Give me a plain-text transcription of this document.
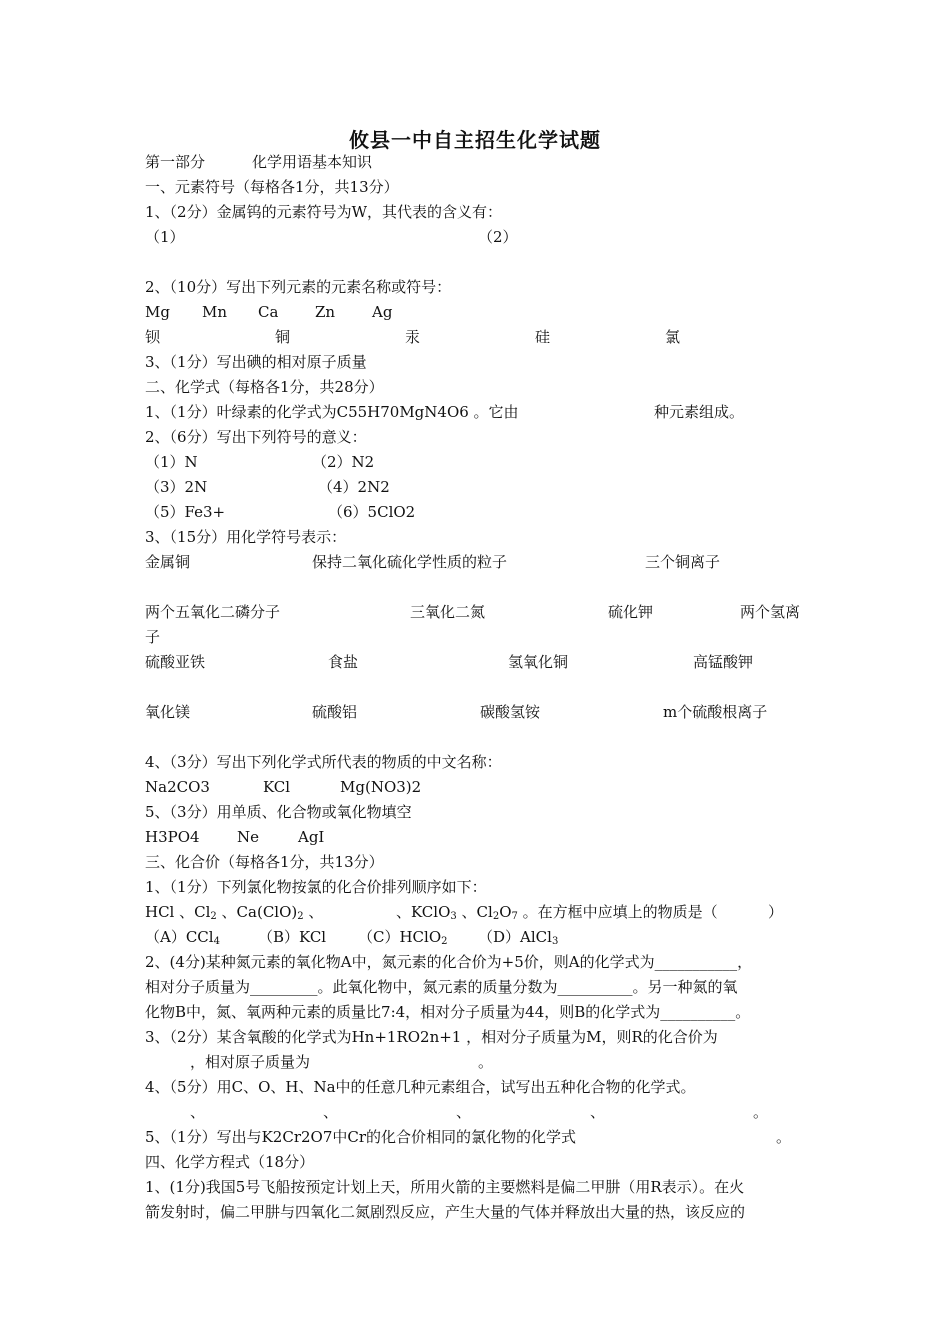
攸县一中自主招生化学试题
第一部分	化学用语基本知识
一、元素符号（每格各1分，共13分）
1、（2分）金属钨的元素符号为W，其代表的含义有：
（1）	（2）
2、（10分）写出下列元素的元素名称或符号：
Mg Mn Ca Zn Ag
钡	铜	汞	硅	氯
3、（1分）写出碘的相对原子质量
二、化学式（每格各1分，共28分）
1、（1分）叶绿素的化学式为C55H70MgN4O6 。它由	种元素组成。
2、（6分）写出下列符号的意义：
（1）N	（2）N2
（3）2N	（4）2N2
（5）Fe3+	（6）5ClO2
3、（15分）用化学符号表示：
金属铜	保持二氧化硫化学性质的粒子	三个铜离子
两个五氧化二磷分子	三氧化二氮	硫化钾	两个氢离
子
硫酸亚铁	食盐	氢氧化铜	高锰酸钾
氧化镁	硫酸铝	碳酸氢铵	m个硫酸根离子
4、（3分）写出下列化学式所代表的物质的中文名称：
Na2CO3	KCl	Mg(NO3)2
5、（3分）用单质、化合物或氧化物填空
H3PO4 Ne	AgI
三、化合价（每格各1分，共13分）
1、（1分）下列氯化物按氯的化合价排列顺序如下：
HCl 、$Cl_2$ 、$Ca(ClO)_2$ 、	、KClO$_3$ 、$Cl_2O_7$ 。在方框中应填上的物质是（	）
（A）CCl$_4$	（B）KCl （C）HClO$_2$ （D）AlCl$_3$
2、(4分)某种氮元素的氧化物A中，氮元素的化合价为+5价，则A的化学式为___________，
相对分子质量为_________。此氧化物中，氮元素的质量分数为__________。另一种氮的氧
化物B中，氮、氧两种元素的质量比7:4，相对分子质量为44，则B的化学式为__________。
3、（2分）某含氧酸的化学式为Hn+1RO2n+1 ，相对分子质量为M，则R的化合价为
，相对原子质量为	。
4、（5分）用C、O、H、Na中的任意几种元素组合，试写出五种化合物的化学式。
、	、	、	、	。
5、（1分）写出与K2Cr2O7中Cr的化合价相同的氯化物的化学式	。
四、化学方程式（18分）
1、(1分)我国5号飞船按预定计划上天，所用火箭的主要燃料是偏二甲肼（用R表示）。在火
箭发射时，偏二甲肼与四氧化二氮剧烈反应，产生大量的气体并释放出大量的热，该反应的
